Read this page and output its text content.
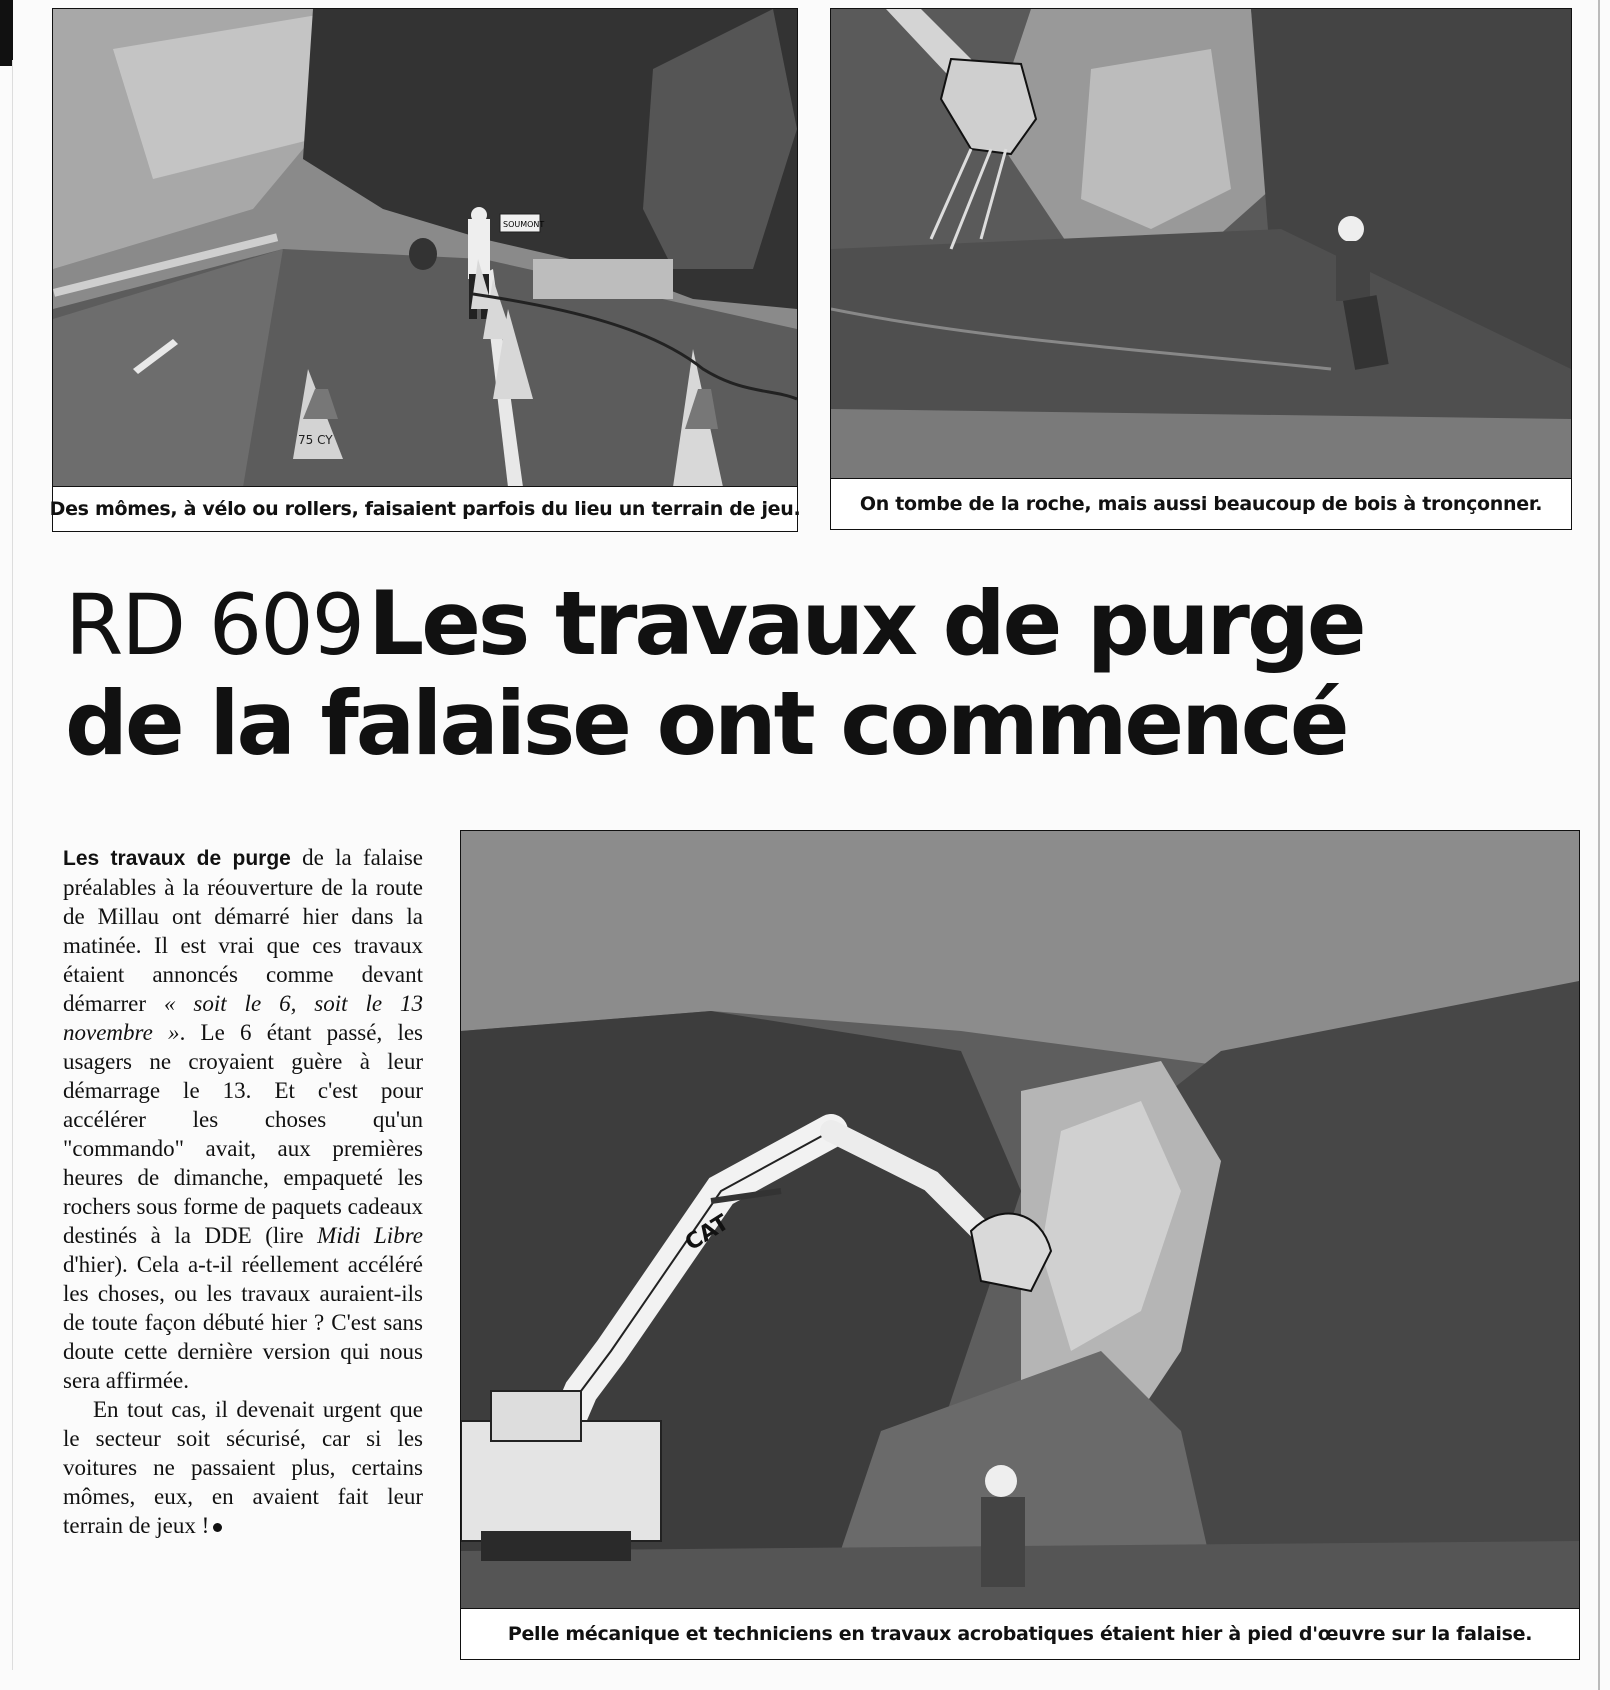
SOUMONT
75 CY
Des mômes, à vélo ou rollers, faisaient parfois du lieu un terrain de jeu.	On tombe de la roche, mais aussi beaucoup de bois à tronçonner.
RD 609 Les travaux de purge
de la falaise ont commencé

Les travaux de purge de la falaise préalables à la réouverture de la route de Millau ont démarré hier dans la matinée. Il est vrai que ces travaux étaient annoncés comme devant démarrer « soit le 6, soit le 13 novembre ». Le 6 étant passé, les usagers ne croyaient guère à leur démarrage le 13. Et c'est pour accélérer les choses qu'un "commando" avait, aux premières heures de dimanche, empaqueté les rochers sous forme de paquets cadeaux destinés à la DDE (lire Midi Libre d'hier). Cela a-t-il réellement accéléré les choses, ou les travaux auraient-ils de toute façon débuté hier ? C'est sans doute cette dernière version qui nous sera affirmée.

En tout cas, il devenait urgent que le secteur soit sécurisé, car si les voitures ne passaient plus, certains mômes, eux, en avaient fait leur terrain de jeux !

CAT
Pelle mécanique et techniciens en travaux acrobatiques étaient hier à pied d'œuvre sur la falaise.
